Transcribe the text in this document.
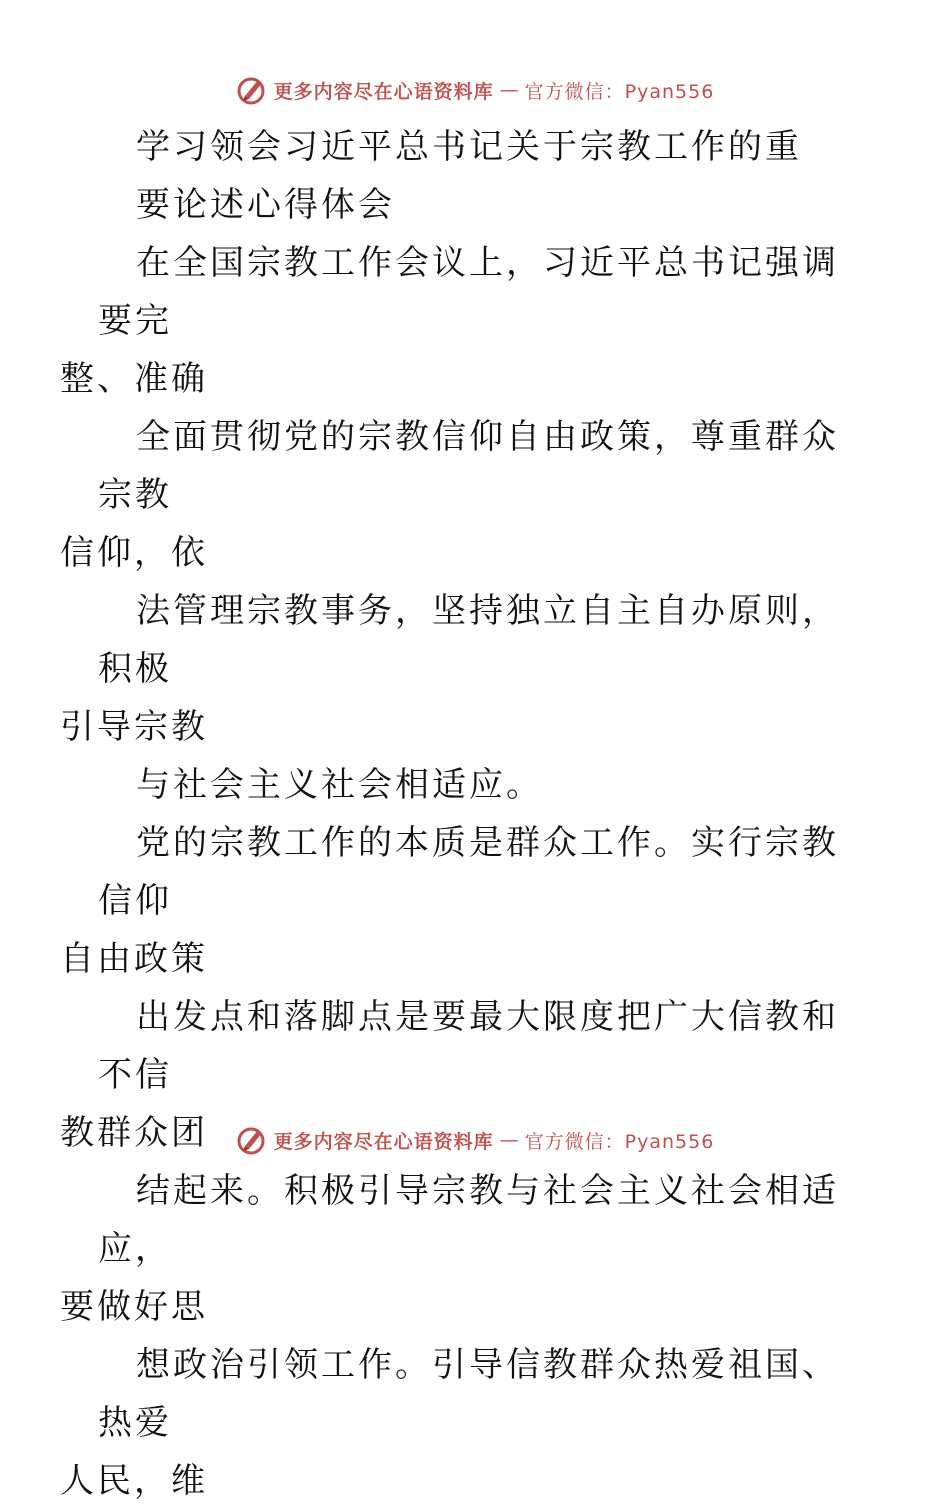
更多内容尽在心语资料库 — 官方微信：Pyan556

学习领会习近平总书记关于宗教工作的重
要论述心得体会

在全国宗教工作会议上，习近平总书记强调要完
整、准确

全面贯彻党的宗教信仰自由政策，尊重群众宗教
信仰，依

法管理宗教事务，坚持独立自主自办原则，积极
引导宗教

与社会主义社会相适应。

党的宗教工作的本质是群众工作。实行宗教信仰
自由政策

出发点和落脚点是要最大限度把广大信教和不信
教群众团

结起来。积极引导宗教与社会主义社会相适应，
要做好思

想政治引领工作。引导信教群众热爱祖国、热爱
人民，维

更多内容尽在心语资料库 — 官方微信：Pyan556
